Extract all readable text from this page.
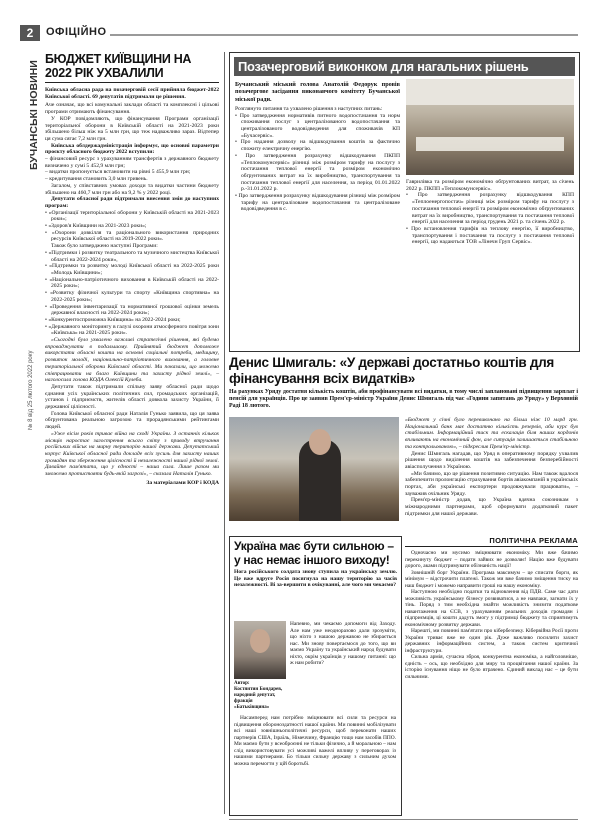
2	ОФІЦІЙНО
БУЧАНСЬКІ НОВИНИ
№ 8 від 25 лютого 2022 року
БЮДЖЕТ КИЇВЩИНИ НА 2022 РІК УХВАЛИЛИ

Київська обласна рада на позачерговій сесії прийняла бюджет-2022 Київської області. 69 депутатів підтримали це рішення.

Аче означає, що всі комунальні заклади області та комплексні і цільові програми отримають фінансування.

У КОР повідомляють, що фінансування Програми організації територіальної оборони в Київській області на 2021-2023 роки збільшено більш ніж на 5 млн грн, що теж надважливо зараз. Відтепер ця сума сягає 7,2 млн грн.

Київська облдержадміністрація інформує, що основні параметри проєкту обласного бюджету 2022 вступили:

– фінансовий ресурс з урахуванням трансфертів з державного бюджету визначено у сумі 5 452,9 млн грн;

– видатки пропонується встановити на рівні 5 455,9 млн грн;

– кредитування становить 3,0 млн гривень.

Загалом, у співставних умовах доходи та видатки частини бюджету збільшено на 460,7 млн грн або на 9,2 % у 2022 році.

Депутати обласної ради підтримали внесення змін до наступних програм:

• «Організації територіальної оборони у Київській області на 2021-2023 роки»;

• «Здоров'я Київщини на 2021-2023 роки»;

• «Охорони довкілля та раціонального використання природних ресурсів Київської області на 2019-2022 роки».

Також було затверджено наступні Програми:

• «Підтримки і розвитку театрального та музичного мистецтва Київської області на 2022-2024 роки»,

• «Підтримки та розвитку молоді Київської області на 2022-2025 роки «Молодь Київщини»;

• «Національно-патріотичного виховання в Київській області на 2022-2025 роки»;

• «Розвитку фізичної культури та спорту «Київщина спортивна» на 2022-2025 роки»;

• «Проведення інвентаризації та нормативної грошової оцінки земель державної власності на 2022-2024 роки»;

• «Конкурентоспроможна Київщина» на 2022-2024 роки;

• «Державного моніторингу в галузі охорони атмосферного повітря зони «Київська» на 2021-2025 роки».

«Сьогодні було ухвалено важливі стратегічні рішення, які будемо впроваджувати в подальшому. Прийнятий бюджет допоможе викорстати обласні кошти на основні соціальні потреби, медицину, розвиток молоді, національно-патріотичного виховання, а головне територіальної оборони Київської області. Ми показали, що можемо співпрацювати на благо Київщини та захисту рідної землі», – наголосила голова КОДА Олексій Кулеба.

Депутати також підтримали спільну заяву обласної ради щодо єднання усіх українських політичних сил, громадських організацій, установ і підприємств, жителів області довкола захисту України, її державної цілісності.

Голова Київської обласної ради Наталія Гунько заявила, що ця заява обґрунтована реальною загрозою та прорадянськими рейтингами людей.

«Уже вісім років триває війна на сході України. З останніх кількох місяців наростає загострення всього світу з приводу втручання російських військ на мирну територію нашої держави. Депутатський корпус Київської обласної ради докладе всіх зусиль для захисту наших громадян та збереження цілісності й незалежності нашої рідної землі. Давайте пам'ятати, що у єдності – наша сила. Лише разом ми зможемо протистояти будь-якій загрозі», – сказала Наталія Гунько.

За матеріалами КОР і КОДА

Позачерговий виконком для нагальних рішень

Бучанський міський голова Анатолій Федорук провів позачергове засідання виконавчого комітету Бучанської міської ради.

Розглянуто питання та ухвалено рішення з наступних питань:

• Про затвердження нормативів питного водопостачання та норм споживання послуг з централізованого водопостачання та централізованого водовідведення для споживачів КП «Бучасервіс».

• Про надання дозволу на відшкодування коштів за фактично спожиту електричну енергію.

• Про затвердження розрахунку відшкодування ПКПП «Теплокомунсервіс» різниці між розміром тарифу на послугу з постачання теплової енергії та розміром економічно обґрунтованих витрат на їх виробництво, транспортування та постачання теплової енергії для населення, за період 01.01.2022 р.-31.01.2022 р.

• Про затвердження розрахунку відшкодування різниці між розміром тарифу на централізоване водопостачання та централізоване водовідведення в с.

Гаврилівка та розміром економічно обґрунтованих витрат, за січень 2022 р. ПКПП «Теплокомунсервіс».

• Про затвердження розрахунку відшкодування КПП «Теплоенергопостач» різниці між розміром тарифу на послугу з постачання теплової енергії та розміром економічно обґрунтованих витрат на їх виробництво, транспортування та постачання теплової енергії для населення за період грудень 2021 р. та січень 2022 р.

• Про встановлення тарифів на теплову енергію, її виробництво, транспортування і постачання та послугу з постачання теплової енергії, що надаються ТОВ «Лінечн Груп Сервіс».

Денис Шмигаль: «У державі достатньо коштів для фінансування всіх видатків»

На рахунках Уряду достатня кількість коштів, аби профінансувати всі видатки, в тому числі заплановані підвищення зарплат і пенсій для українців. Про це заявив Прем'єр-міністр України Денис Шмигаль під час «Години запитань до Уряду» у Верховній Раді 18 лютого.

«Бюджет у січні було перевиконано на більш ніж 10 млрд грн. Національний банк має достатню кількість резервів, аби курс був стабільним. Інформаційний тиск та ескалація біля наших кордонів впливають на економічний фон, але ситуація залишається стабільною та контрольованою», – підкреслив Прем'єр-міністр.

Денис Шмигаль нагадав, що Уряд в оперативному порядку ухвалив рішення щодо виділення коштів на забезпечення безперебійності авіасполучення з Україною.

«Ми бачимо, що це рішення позитивно ситуацію. Нам також вдалося забезпечити пролонгацію страхування бортів авіакомпаній в українськіх портах, аби українські експортери продовжували працювати», – зауважив очільник Уряду.

Прем'єр-міністр додав, що Україна вдячна союзникам з міжнародними партнерами, щоб сформувати додатковий пакет підтримки для нашої держави.

Україна має бути сильною – у нас немає іншого виходу!

Нога російського солдата знову ступила на українську землю. Це вже вдруге Росія посягнула на нашу територію за часів незалежності. Ві за-вершити в очікуванні, але чого ми чекаємо?

Автор:

Костянтин Бондарев, народний депутат, фракція «Батьківщина»

Напевно, ми чекаємо допомоги від Заходу. Але нам уже неодноразово дали зрозуміти, що ніхто з нашою державою не збирається нас. Ми знову повертаємося до того, що ви маємо Україну та український народ будувати ніхто, окрім українців у нашому питанні: що ж нам робити?

Насамперед нам потрібно зміцнювати всі сили та ресурси на підвищення обороноздатності нашої країни. Ми повинні мобілізувати всі наші зовнішньополітичні ресурси, щоб переконати наших партнерів США, Ізраїль, Німеччину, Францію тощо нам засобів ППО. Ми маємо бути у всеоброєнні не тільки фізично, а й моральною – нам слід використовувати усі можливі важелі впливу у переговорах із нашими партнерами. Бо тільки сильну державу з сильним духом можна перемогти у цій боротьбі.

ПОЛІТИЧНА РЕКЛАМА

Одночасно ми мусимо зміцнювати економіку. Ми вже бачимо перекинуту бюджет – подати зайвих не дозволяє! Націю вже будувати дорого, аками підтримувати обізнаність нації!

Зовнішній борг України. Програма максимум – це списати борги, як мінімум – відстрочити платежі. Також ми вже бачимо зміщення тиску на наш бюджет і можемо направити гроші на нашу економіку.

Наступною необхідно податки та відновлення від ПДВ. Саме час дати можливість українському бізнесу розвиватися, а не навпаки, загнати їх у тінь. Поряд з тим необхідна знайти можливість знизити податкове навантаження на ЄСВ, з урахуванням реальних доходів громадян і підприємців, ці кошти дадуть змогу у підтримці бюджету та сприятимуть економічному розвитку держави.

Нарешті, ми повинні пам'ятати про кібербезпеку. Кібервійна Росії проти України триває вже не один рік. Дуже важливо посилити захист державних інформаційних систем, а також систем критичної інфраструктури.

Сильна армія, сучасна зброя, конкурентна економіка, а найголовніше, єдність – ось, що необхідно для миру та процвітання нашої країни. За історію існування ніщо не було втрачено. Єдиний виклад нас – це бути сильними.
